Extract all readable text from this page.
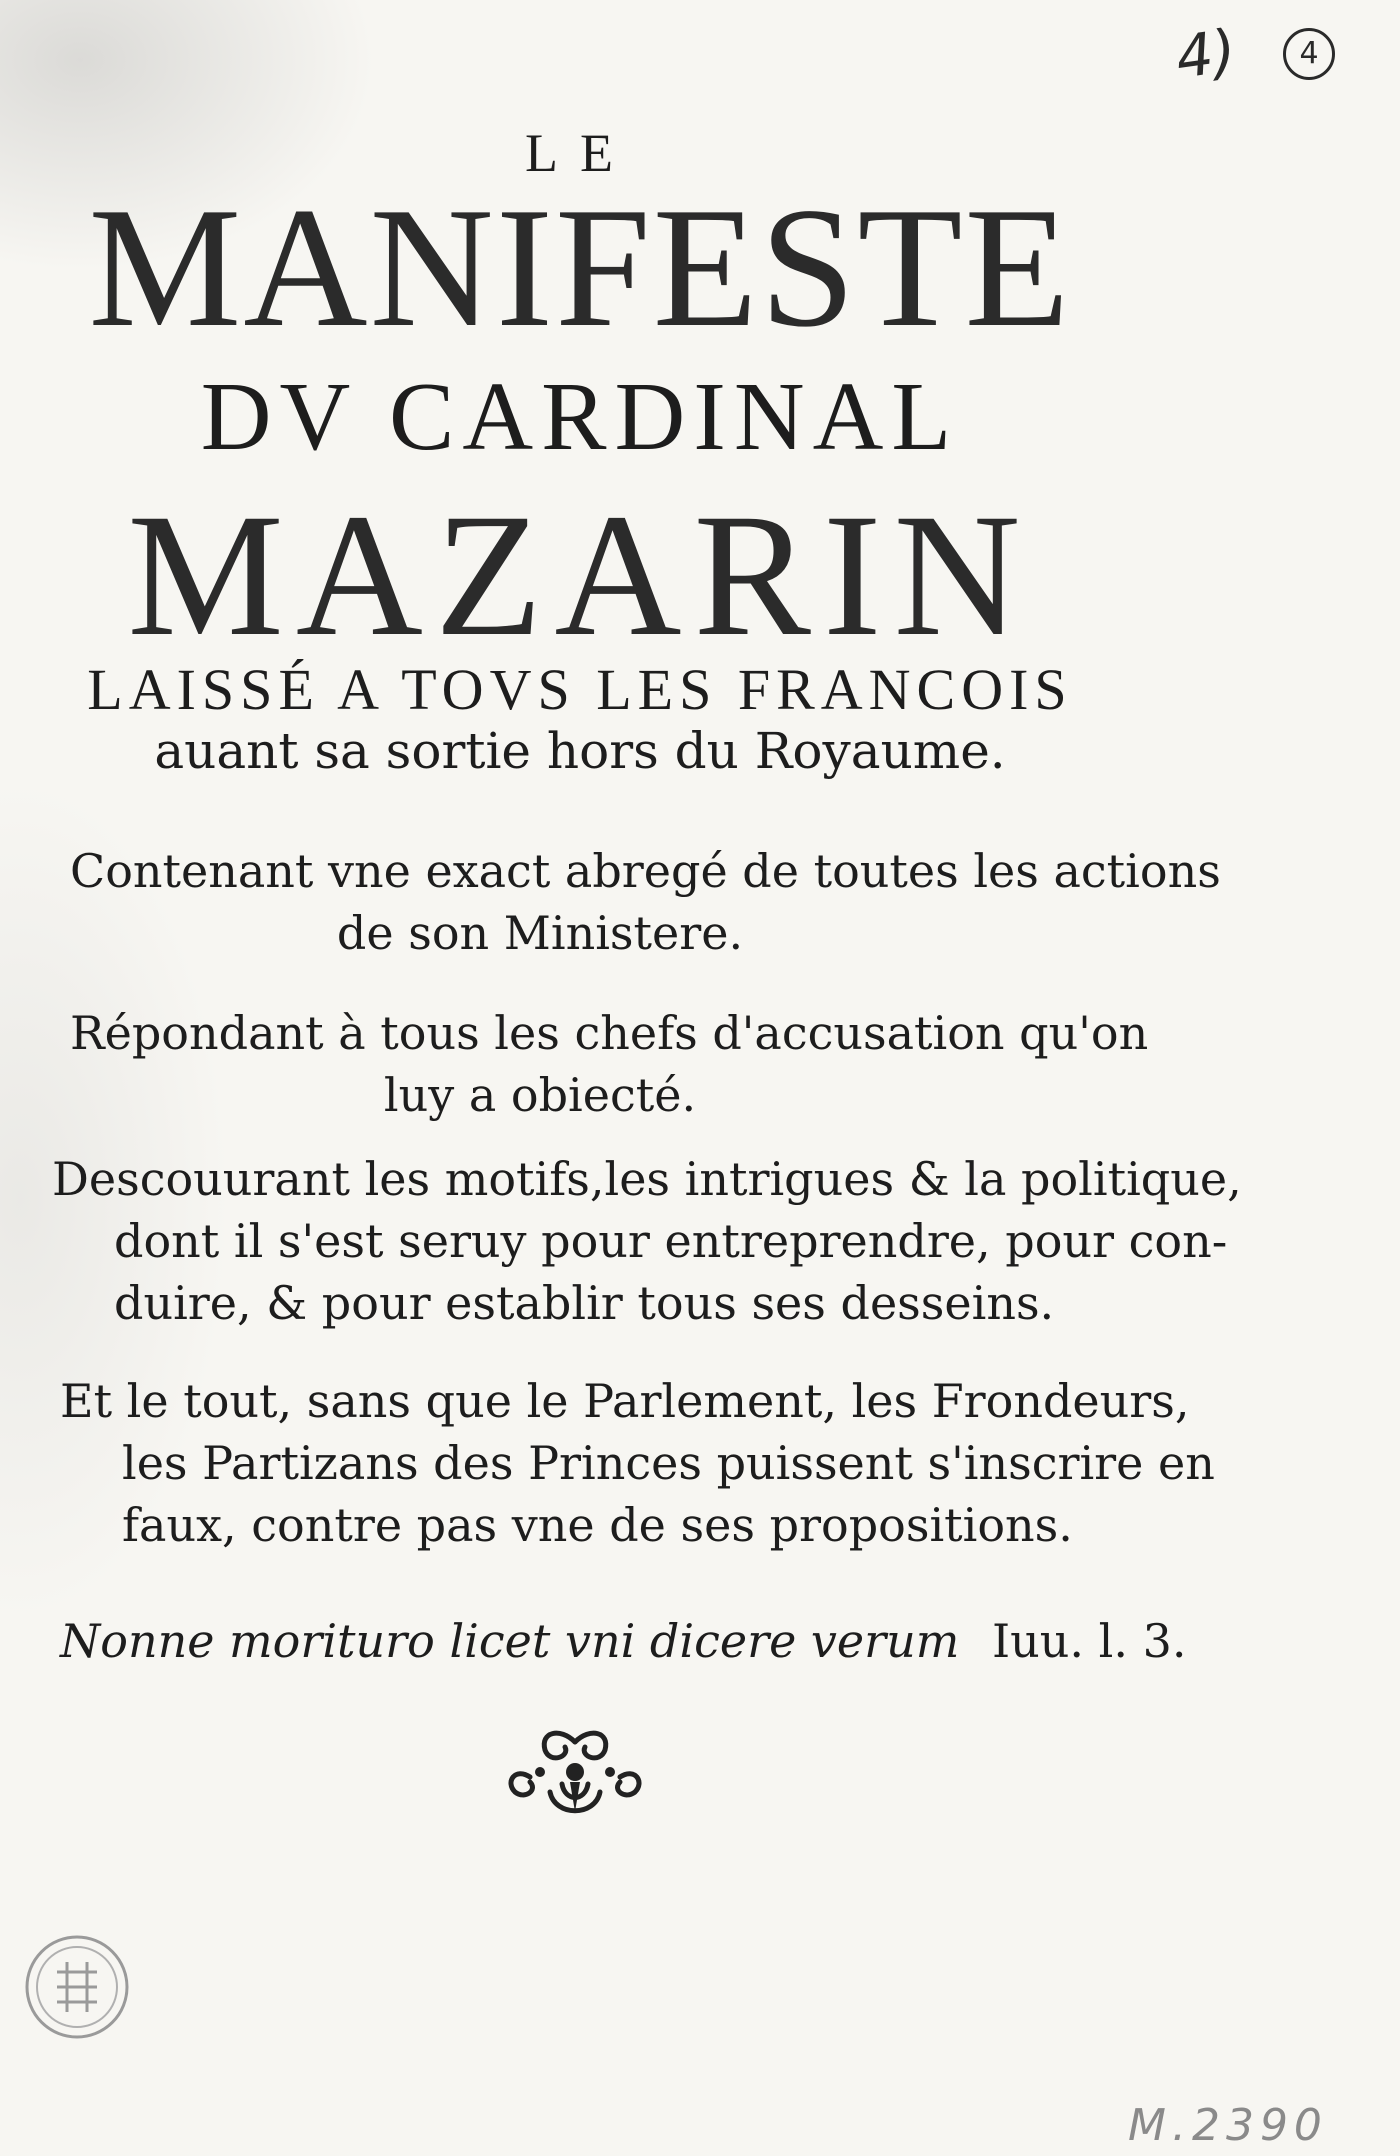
4)	4
LE
MANIFESTE
DV CARDINAL
MAZARIN
LAISSÉ A TOVS LES FRANCOIS
auant sa sortie hors du Royaume.
Contenant vne exact abregé de toutes les actions
de son Ministere.
Répondant à tous les chefs d'accusation qu'on
luy a obiecté.
Descouurant les motifs,les intrigues & la politique,
dont il s'est seruy pour entreprendre, pour con-
duire, & pour establir tous ses desseins.
Et le tout, sans que le Parlement, les Frondeurs,
les Partizans des Princes puissent s'inscrire en
faux, contre pas vne de ses propositions.
Nonne morituro licet vni dicere verum Iuu. l. 3.
M.2390
